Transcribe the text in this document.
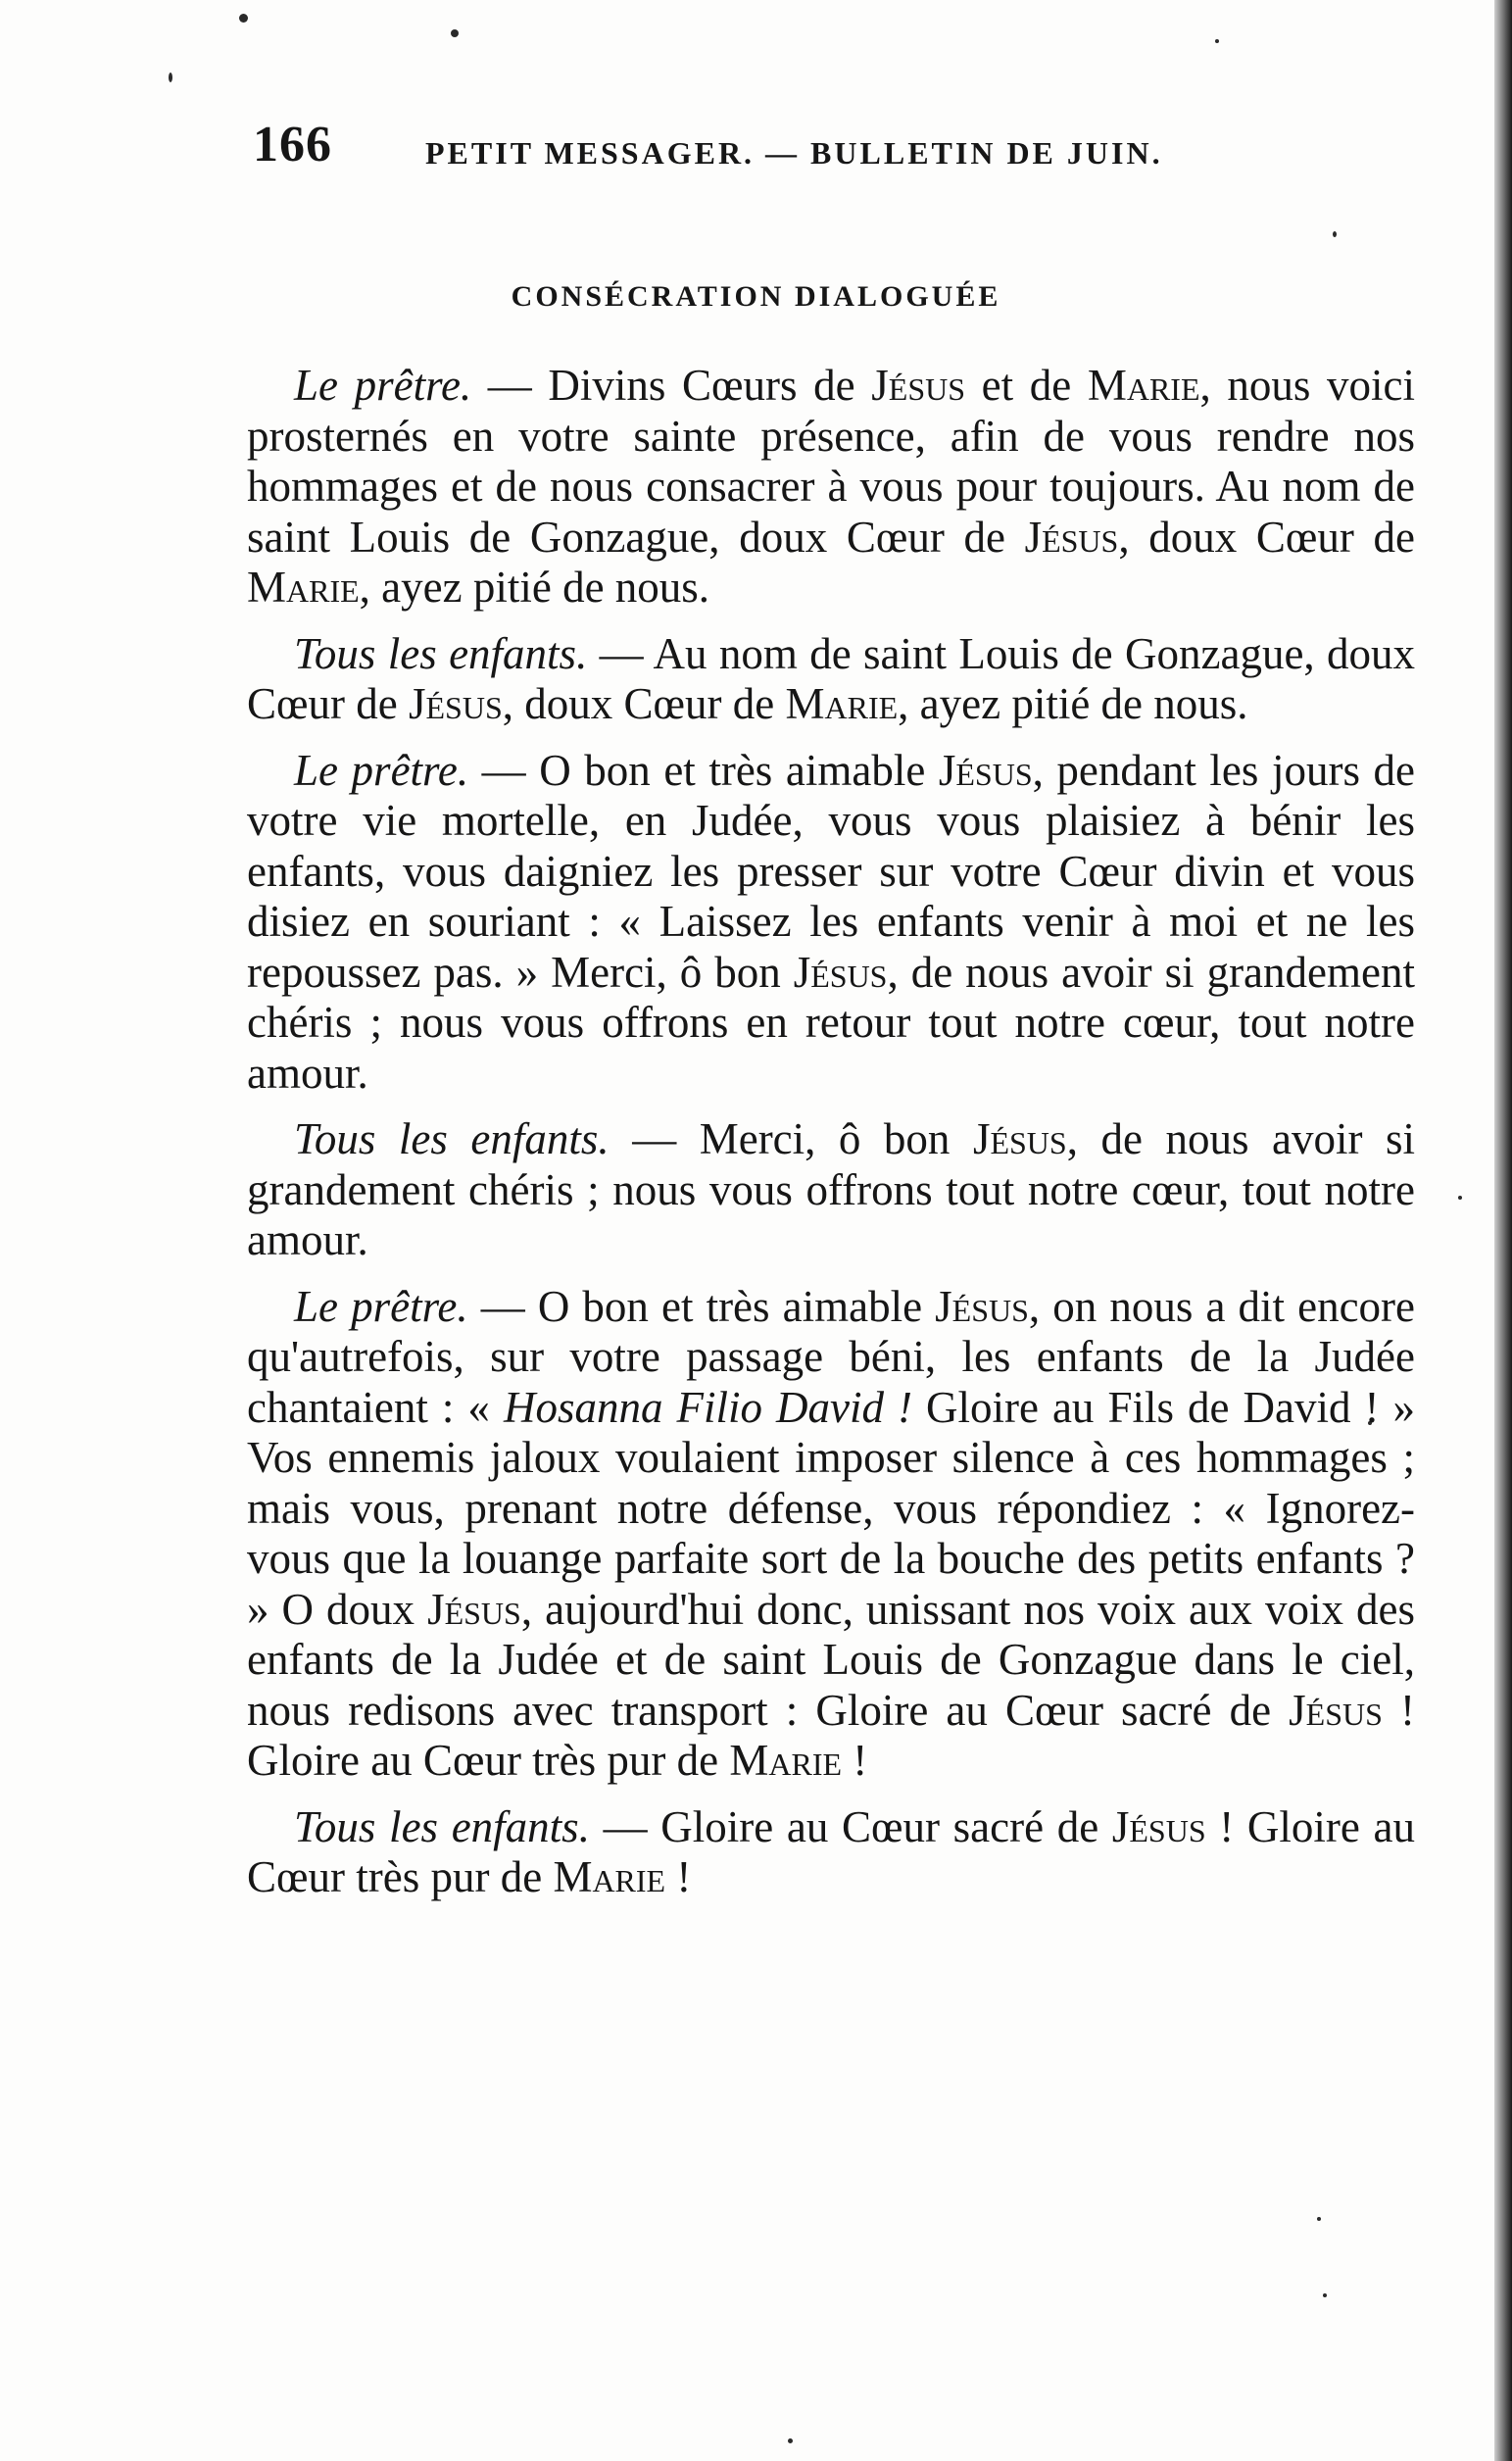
166	PETIT MESSAGER. — BULLETIN DE JUIN.
CONSÉCRATION DIALOGUÉE

Le prêtre. — Divins Cœurs de Jésus et de Marie, nous voici prosternés en votre sainte présence, afin de vous rendre nos hommages et de nous consacrer à vous pour toujours. Au nom de saint Louis de Gonzague, doux Cœur de Jésus, doux Cœur de Marie, ayez pitié de nous.

Tous les enfants. — Au nom de saint Louis de Gonzague, doux Cœur de Jésus, doux Cœur de Marie, ayez pitié de nous.

Le prêtre. — O bon et très aimable Jésus, pendant les jours de votre vie mortelle, en Judée, vous vous plaisiez à bénir les enfants, vous daigniez les presser sur votre Cœur divin et vous disiez en souriant : « Laissez les enfants venir à moi et ne les repoussez pas. » Merci, ô bon Jésus, de nous avoir si grandement chéris ; nous vous offrons en retour tout notre cœur, tout notre amour.

Tous les enfants. — Merci, ô bon Jésus, de nous avoir si grandement chéris ; nous vous offrons tout notre cœur, tout notre amour.

Le prêtre. — O bon et très aimable Jésus, on nous a dit encore qu'autrefois, sur votre passage béni, les enfants de la Judée chantaient : « Hosanna Filio David ! Gloire au Fils de David ! » Vos ennemis jaloux voulaient imposer silence à ces hommages ; mais vous, prenant notre défense, vous répondiez : « Ignorez-vous que la louange parfaite sort de la bouche des petits enfants ? » O doux Jésus, aujourd'hui donc, unissant nos voix aux voix des enfants de la Judée et de saint Louis de Gonzague dans le ciel, nous redisons avec transport : Gloire au Cœur sacré de Jésus ! Gloire au Cœur très pur de Marie !

Tous les enfants. — Gloire au Cœur sacré de Jésus ! Gloire au Cœur très pur de Marie !
